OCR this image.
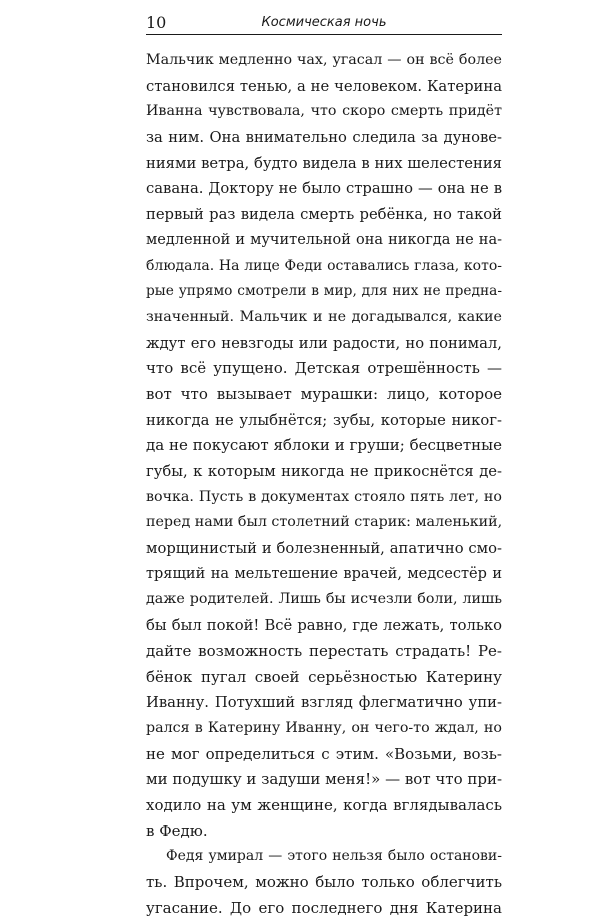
10	Космическая ночь
Мальчик медленно чах, угасал — он всё более
становился тенью, а не человеком. Катерина
Иванна чувствовала, что скоро смерть придёт
за ним. Она внимательно следила за дунове-
ниями ветра, будто видела в них шелестения
савана. Доктору не было страшно — она не в
первый раз видела смерть ребёнка, но такой
медленной и мучительной она никогда не на-
блюдала. На лице Феди оставались глаза, кото-
рые упрямо смотрели в мир, для них не предна-
значенный. Мальчик и не догадывался, какие
ждут его невзгоды или радости, но понимал,
что всё упущено. Детская отрешённость —
вот что вызывает мурашки: лицо, которое
никогда не улыбнётся; зубы, которые никог-
да не покусают яблоки и груши; бесцветные
губы, к которым никогда не прикоснётся де-
вочка. Пусть в документах стояло пять лет, но
перед нами был столетний старик: маленький,
морщинистый и болезненный, апатично смо-
трящий на мельтешение врачей, медсестёр и
даже родителей. Лишь бы исчезли боли, лишь
бы был покой! Всё равно, где лежать, только
дайте возможность перестать страдать! Ре-
бёнок пугал своей серьёзностью Катерину
Иванну. Потухший взгляд флегматично упи-
рался в Катерину Иванну, он чего-то ждал, но
не мог определиться с этим. «Возьми, возь-
ми подушку и задуши меня!» — вот что при-
ходило на ум женщине, когда вглядывалась
в Федю.
Федя умирал — этого нельзя было останови-
ть. Впрочем, можно было только облегчить
угасание. До его последнего дня Катерина
